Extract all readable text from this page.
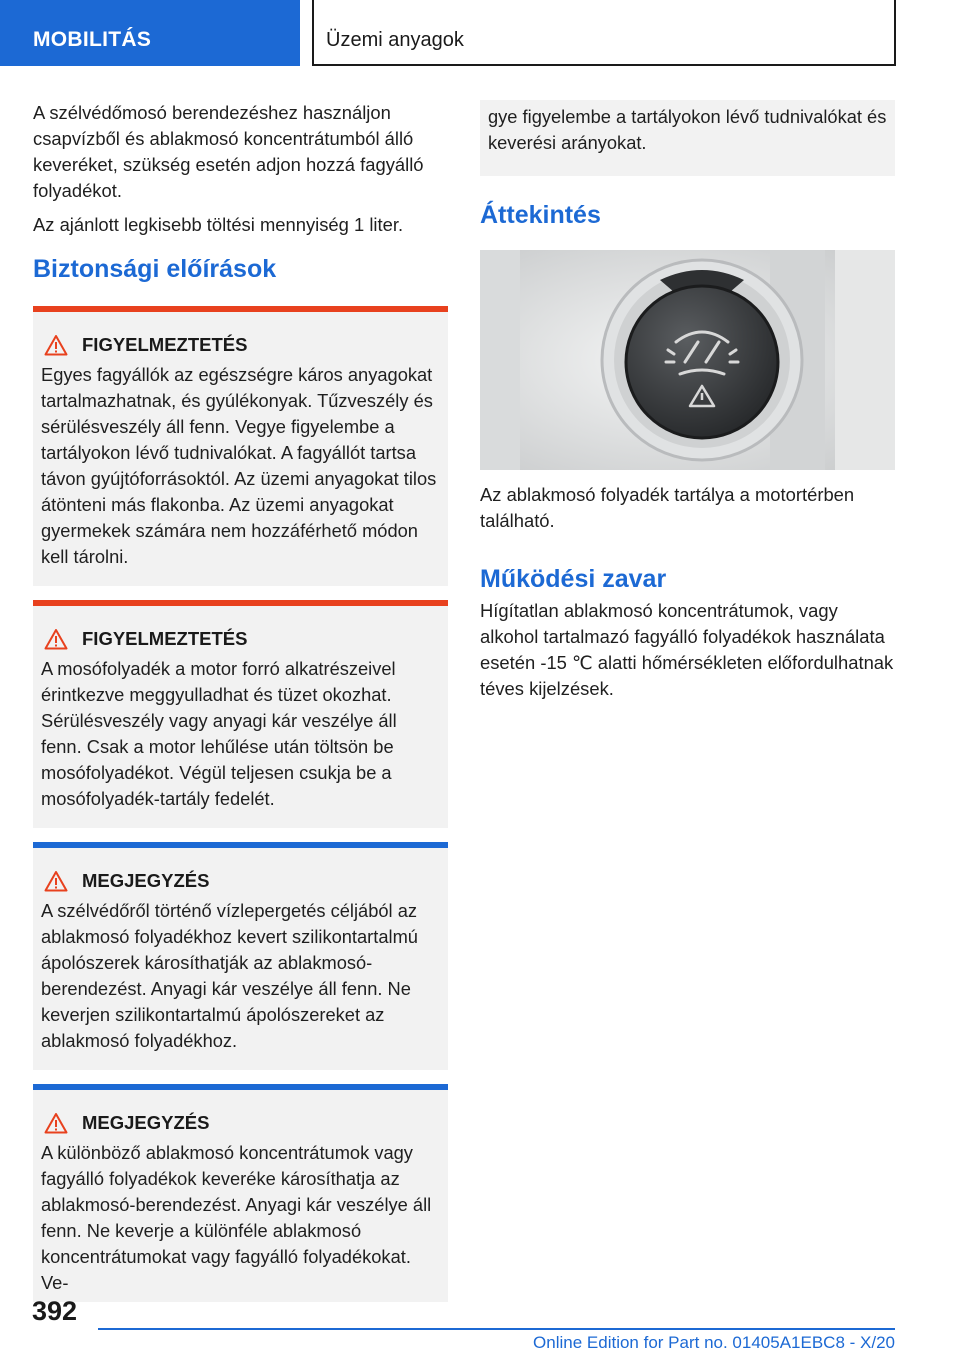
MOBILITÁS	Üzemi anyagok

A szélvédőmosó berendezéshez használjon csapvízből és ablakmosó koncentrátumból álló keveréket, szükség esetén adjon hozzá fagyálló folyadékot.

Az ajánlott legkisebb töltési mennyiség 1 liter.

Biztonsági előírások
FIGYELMEZTETÉS
Egyes fagyállók az egészségre káros anyagokat tartalmazhatnak, és gyúlékonyak. Tűzveszély és sérülésveszély áll fenn. Vegye figyelembe a tartályokon lévő tudnivalókat. A fagyállót tartsa távon gyújtóforrásoktól. Az üzemi anyagokat tilos átönteni más flakonba. Az üzemi anyagokat gyermekek számára nem hozzáférhető módon kell tárolni.
FIGYELMEZTETÉS
A mosófolyadék a motor forró alkatrészeivel érintkezve meggyulladhat és tüzet okozhat. Sérülésveszély vagy anyagi kár veszélye áll fenn. Csak a motor lehűlése után töltsön be mosófolyadékot. Végül teljesen csukja be a mosófolyadék-tartály fedelét.
MEGJEGYZÉS
A szélvédőről történő vízlepergetés céljából az ablakmosó folyadékhoz kevert szilikontartalmú ápolószerek károsíthatják az ablakmosó-berendezést. Anyagi kár veszélye áll fenn. Ne keverjen szilikontartalmú ápolószereket az ablakmosó folyadékhoz.
MEGJEGYZÉS
A különböző ablakmosó koncentrátumok vagy fagyálló folyadékok keveréke károsíthatja az ablakmosó-berendezést. Anyagi kár veszélye áll fenn. Ne keverje a különféle ablakmosó koncentrátumokat vagy fagyálló folyadékokat. Ve-
gye figyelembe a tartályokon lévő tudnivalókat és keverési arányokat.
Áttekintés

Az ablakmosó folyadék tartálya a motortérben található.

Működési zavar

Hígítatlan ablakmosó koncentrátumok, vagy alkohol tartalmazó fagyálló folyadékok használata esetén -15 ℃ alatti hőmérsékleten előfordulhatnak téves kijelzések.

392
Online Edition for Part no. 01405A1EBC8 - X/20
